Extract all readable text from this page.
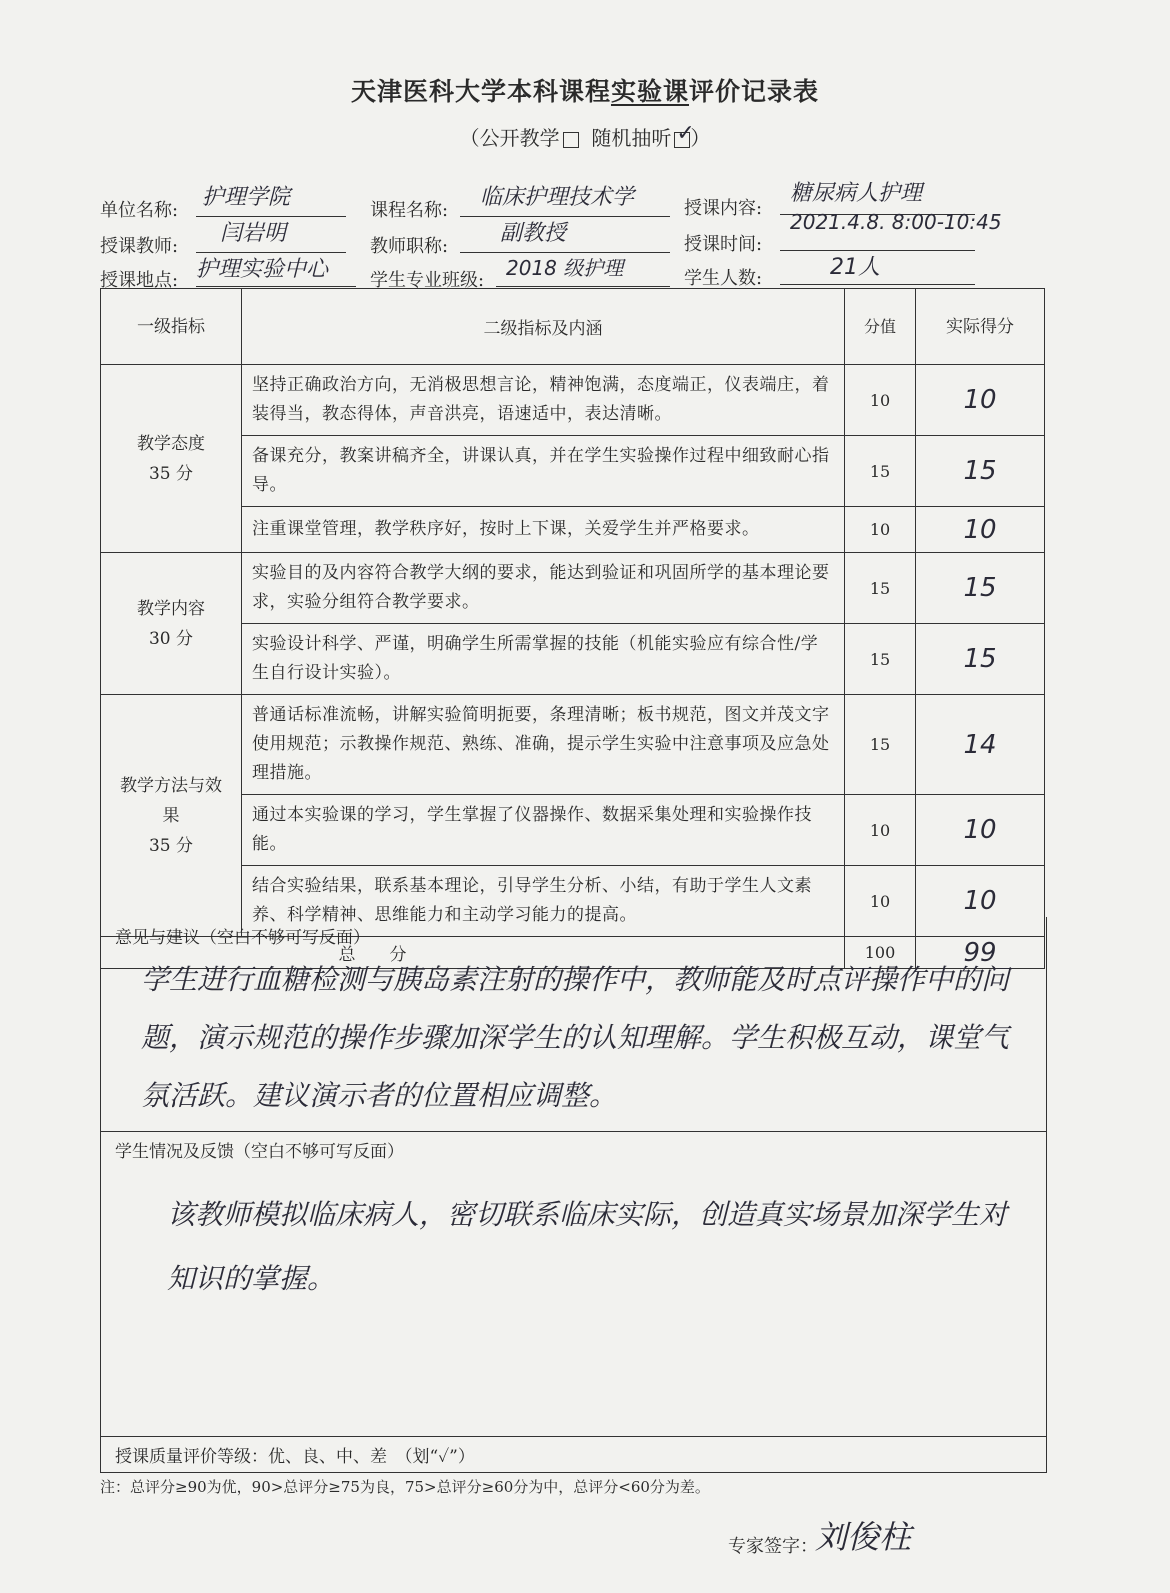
天津医科大学本科课程实验课评价记录表
（公开教学 随机抽听 ✓
）
单位名称:
护理学院
课程名称:
临床护理技术学	授课内容:
糖尿病人护理
授课教师:
闫岩明
教师职称:
副教授	授课时间:
2021.4.8. 8:00-10:45
授课地点: 护理实验中心 学生专业班级:
2018 级护理	学生人数:	21人
一级指标	二级指标及内涵	分值	实际得分

教学态度
35 分	坚持正确政治方向，无消极思想言论，精神饱满，态度端正，仪表端庄，着装得当，教态得体，声音洪亮，语速适中，表达清晰。	10	10
	备课充分，教案讲稿齐全，讲课认真，并在学生实验操作过程中细致耐心指导。	15	15
	注重课堂管理，教学秩序好，按时上下课，关爱学生并严格要求。	10	10

教学内容
30 分	实验目的及内容符合教学大纲的要求，能达到验证和巩固所学的基本理论要求，实验分组符合教学要求。	15	15
	实验设计科学、严谨，明确学生所需掌握的技能（机能实验应有综合性/学生自行设计实验）。	15	15

教学方法与效果
35 分	普通话标准流畅，讲解实验简明扼要，条理清晰；板书规范，图文并茂文字使用规范；示教操作规范、熟练、准确，提示学生实验中注意事项及应急处理措施。	15	14
	通过本实验课的学习，学生掌握了仪器操作、数据采集处理和实验操作技能。	10	10
	结合实验结果，联系基本理论，引导学生分析、小结，有助于学生人文素养、科学精神、思维能力和主动学习能力的提高。	10	10
总　　分		100	99
意见与建议（空白不够可写反面）
学生进行血糖检测与胰岛素注射的操作中，教师能及时点评操作中的问题，演示规范的操作步骤加深学生的认知理解。学生积极互动，课堂气氛活跃。建议演示者的位置相应调整。
学生情况及反馈（空白不够可写反面）
该教师模拟临床病人，密切联系临床实际，创造真实场景加深学生对知识的掌握。
授课质量评价等级：优、良、中、差　（划“✓”）
注：总评分≥90为优，90>总评分≥75为良，75>总评分≥60分为中，总评分<60分为差。
专家签字：
刘俊柱
